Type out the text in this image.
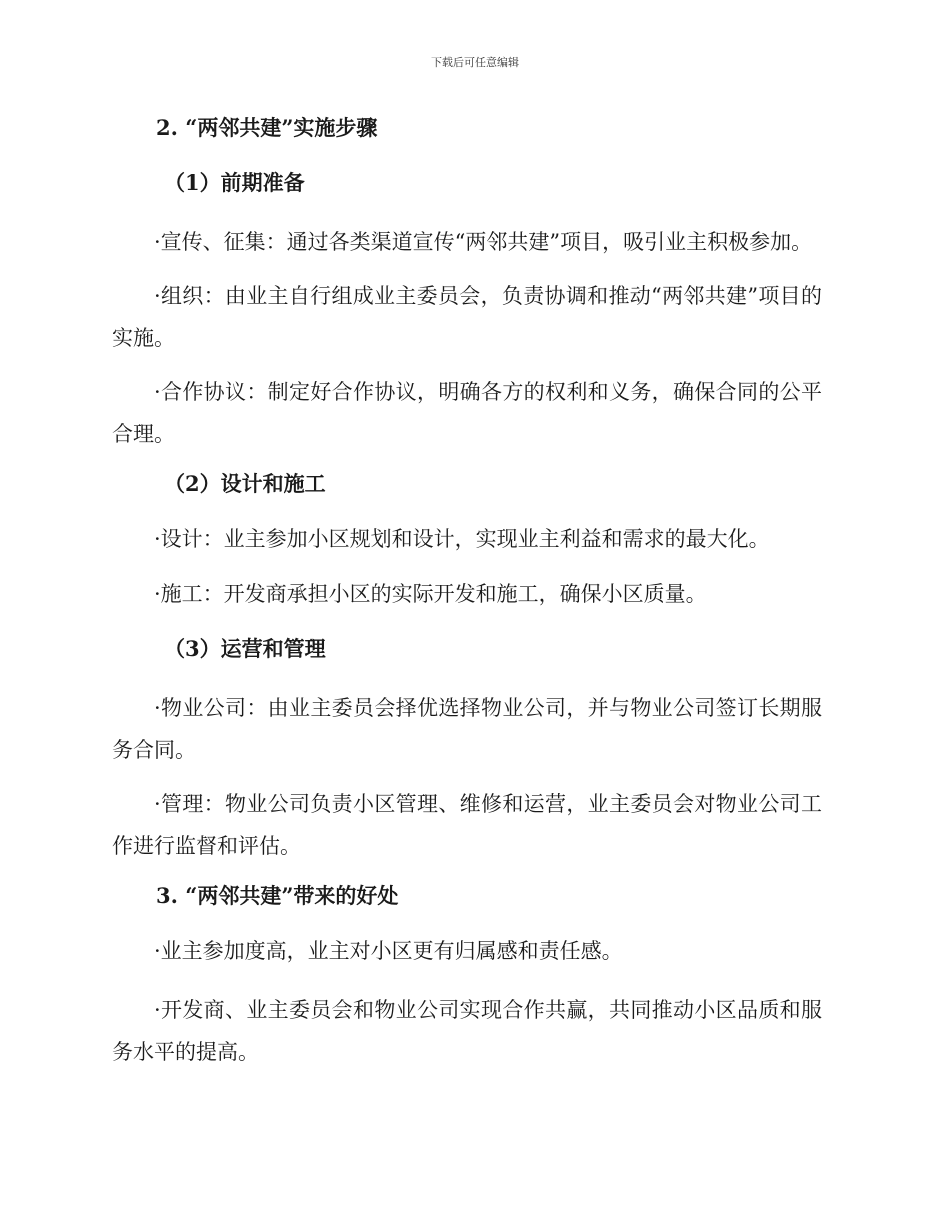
下载后可任意编辑
2. “两邻共建”实施步骤
（1）前期准备
·宣传、征集：通过各类渠道宣传“两邻共建”项目，吸引业主积极参加。
·组织：由业主自行组成业主委员会，负责协调和推动“两邻共建”项目的实施。
·合作协议：制定好合作协议，明确各方的权利和义务，确保合同的公平合理。
（2）设计和施工
·设计：业主参加小区规划和设计，实现业主利益和需求的最大化。
·施工：开发商承担小区的实际开发和施工，确保小区质量。
（3）运营和管理
·物业公司：由业主委员会择优选择物业公司，并与物业公司签订长期服务合同。
·管理：物业公司负责小区管理、维修和运营，业主委员会对物业公司工作进行监督和评估。
3. “两邻共建”带来的好处
·业主参加度高，业主对小区更有归属感和责任感。
·开发商、业主委员会和物业公司实现合作共赢，共同推动小区品质和服务水平的提高。
